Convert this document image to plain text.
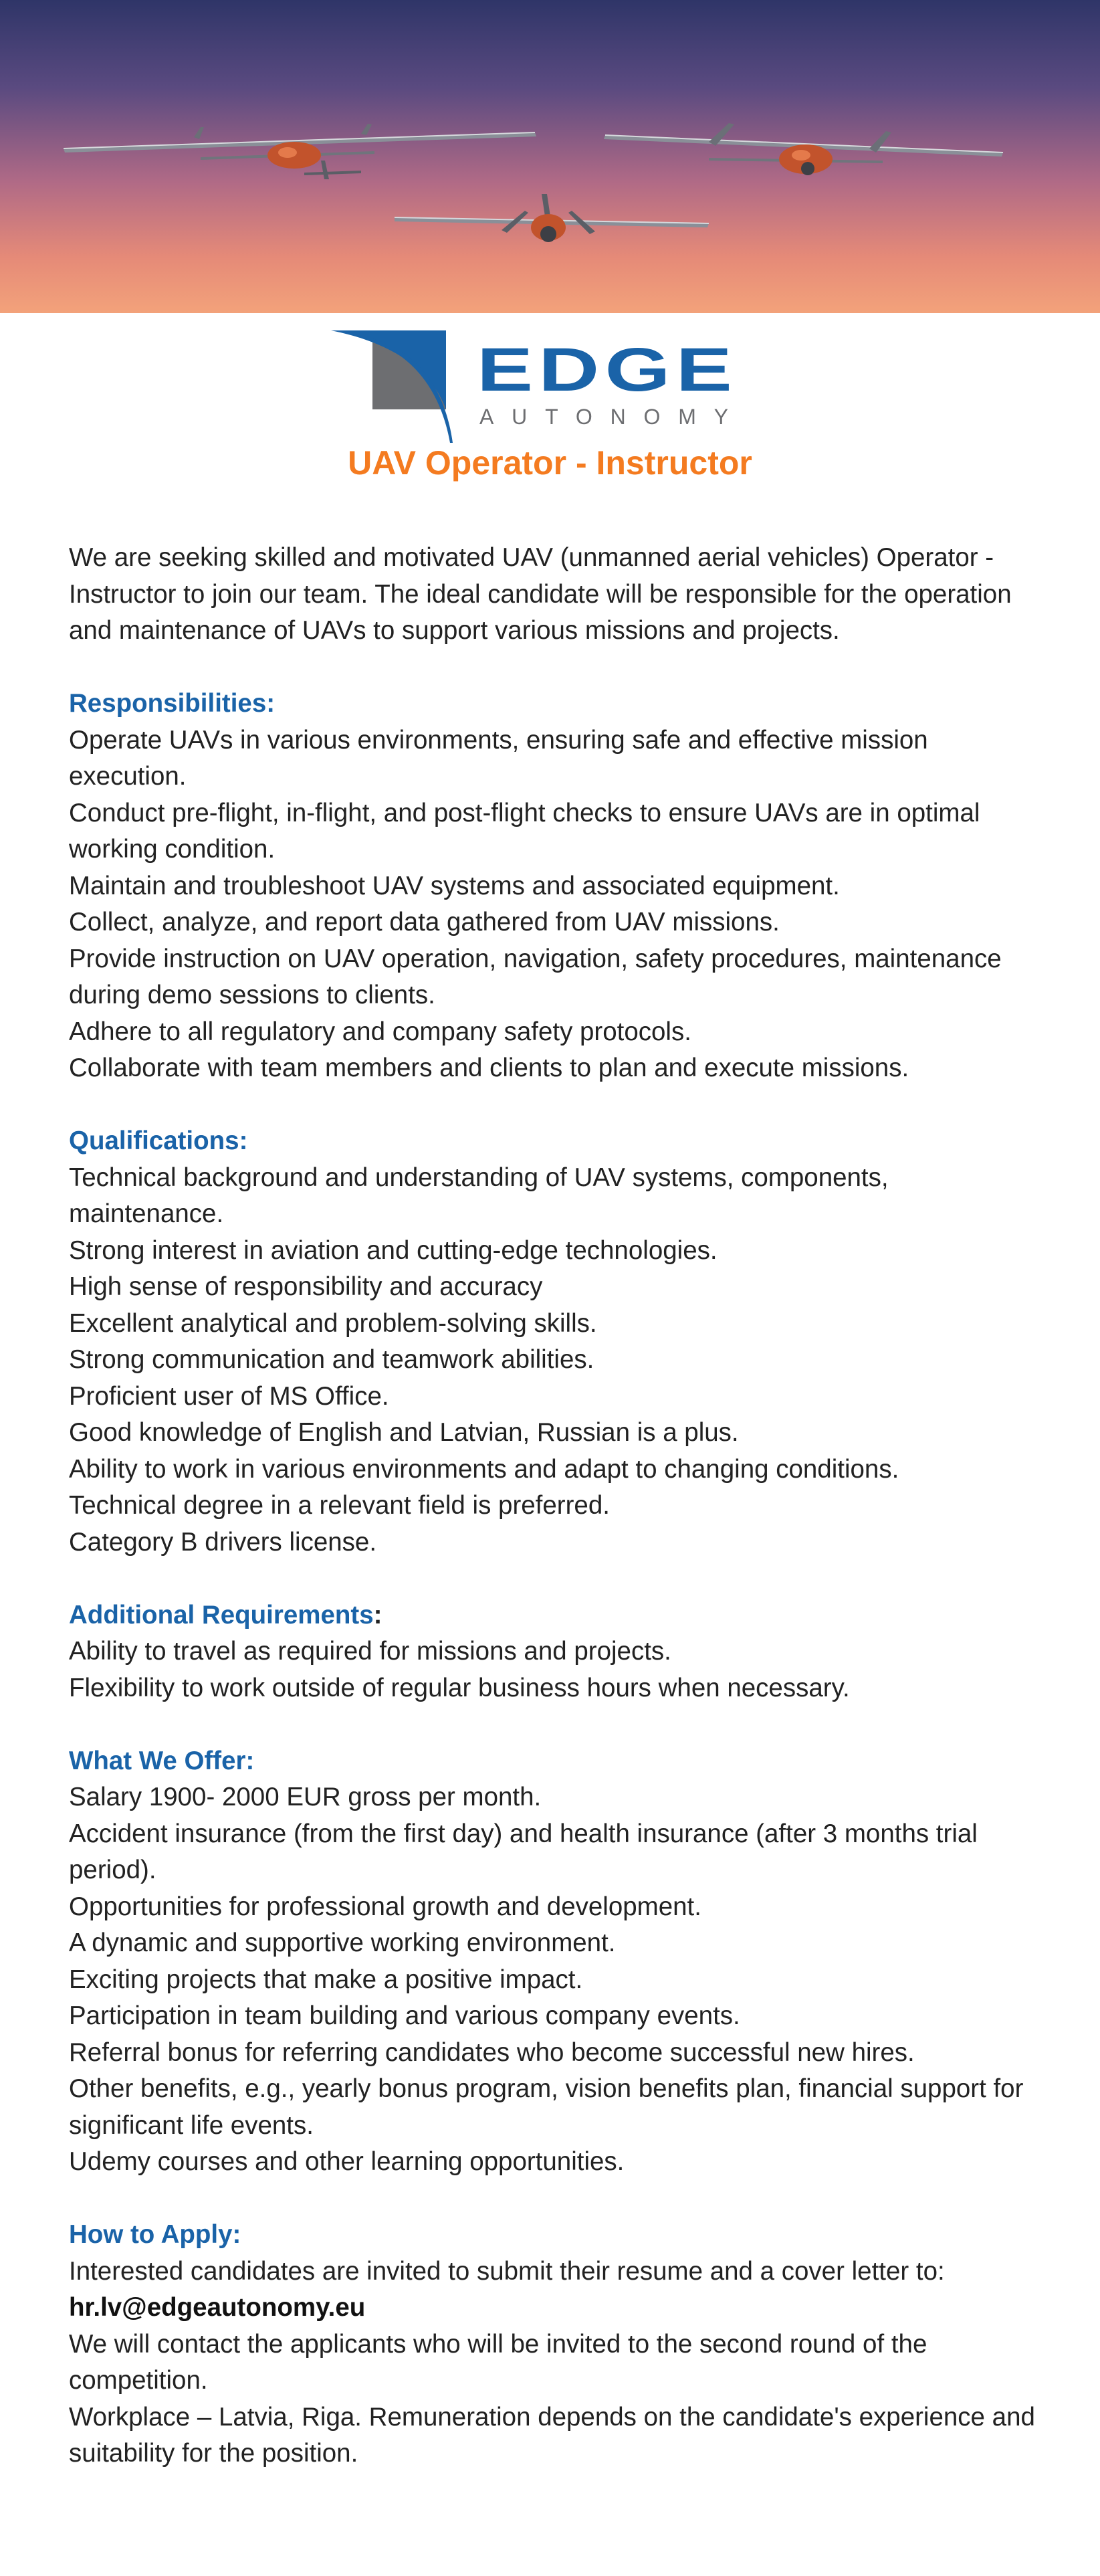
EDGE
AUTONOMY
UAV Operator - Instructor

We are seeking skilled and motivated UAV (unmanned aerial vehicles) Operator - Instructor to join our team. The ideal candidate will be responsible for the operation and maintenance of UAVs to support various missions and projects.

Responsibilities:

Operate UAVs in various environments, ensuring safe and effective mission execution.

Conduct pre-flight, in-flight, and post-flight checks to ensure UAVs are in optimal working condition.

Maintain and troubleshoot UAV systems and associated equipment.

Collect, analyze, and report data gathered from UAV missions.

Provide instruction on UAV operation, navigation, safety procedures, maintenance during demo sessions to clients.

Adhere to all regulatory and company safety protocols.

Collaborate with team members and clients to plan and execute missions.

Qualifications:

Technical background and understanding of UAV systems, components, maintenance.

Strong interest in aviation and cutting-edge technologies.

High sense of responsibility and accuracy

Excellent analytical and problem-solving skills.

Strong communication and teamwork abilities.

Proficient user of MS Office.

Good knowledge of English and Latvian, Russian is a plus.

Ability to work in various environments and adapt to changing conditions.

Technical degree in a relevant field is preferred.

Category B drivers license.

Additional Requirements:

Ability to travel as required for missions and projects.

Flexibility to work outside of regular business hours when necessary.

What We Offer:

Salary 1900- 2000 EUR gross per month.

Accident insurance (from the first day) and health insurance (after 3 months trial period).

Opportunities for professional growth and development.

A dynamic and supportive working environment.

Exciting projects that make a positive impact.

Participation in team building and various company events.

Referral bonus for referring candidates who become successful new hires.

Other benefits, e.g., yearly bonus program, vision benefits plan, financial support for significant life events.

Udemy courses and other learning opportunities.

How to Apply:

Interested candidates are invited to submit their resume and a cover letter to:

hr.lv@edgeautonomy.eu

We will contact the applicants who will be invited to the second round of the competition.

Workplace – Latvia, Riga. Remuneration depends on the candidate's experience and suitability for the position.
